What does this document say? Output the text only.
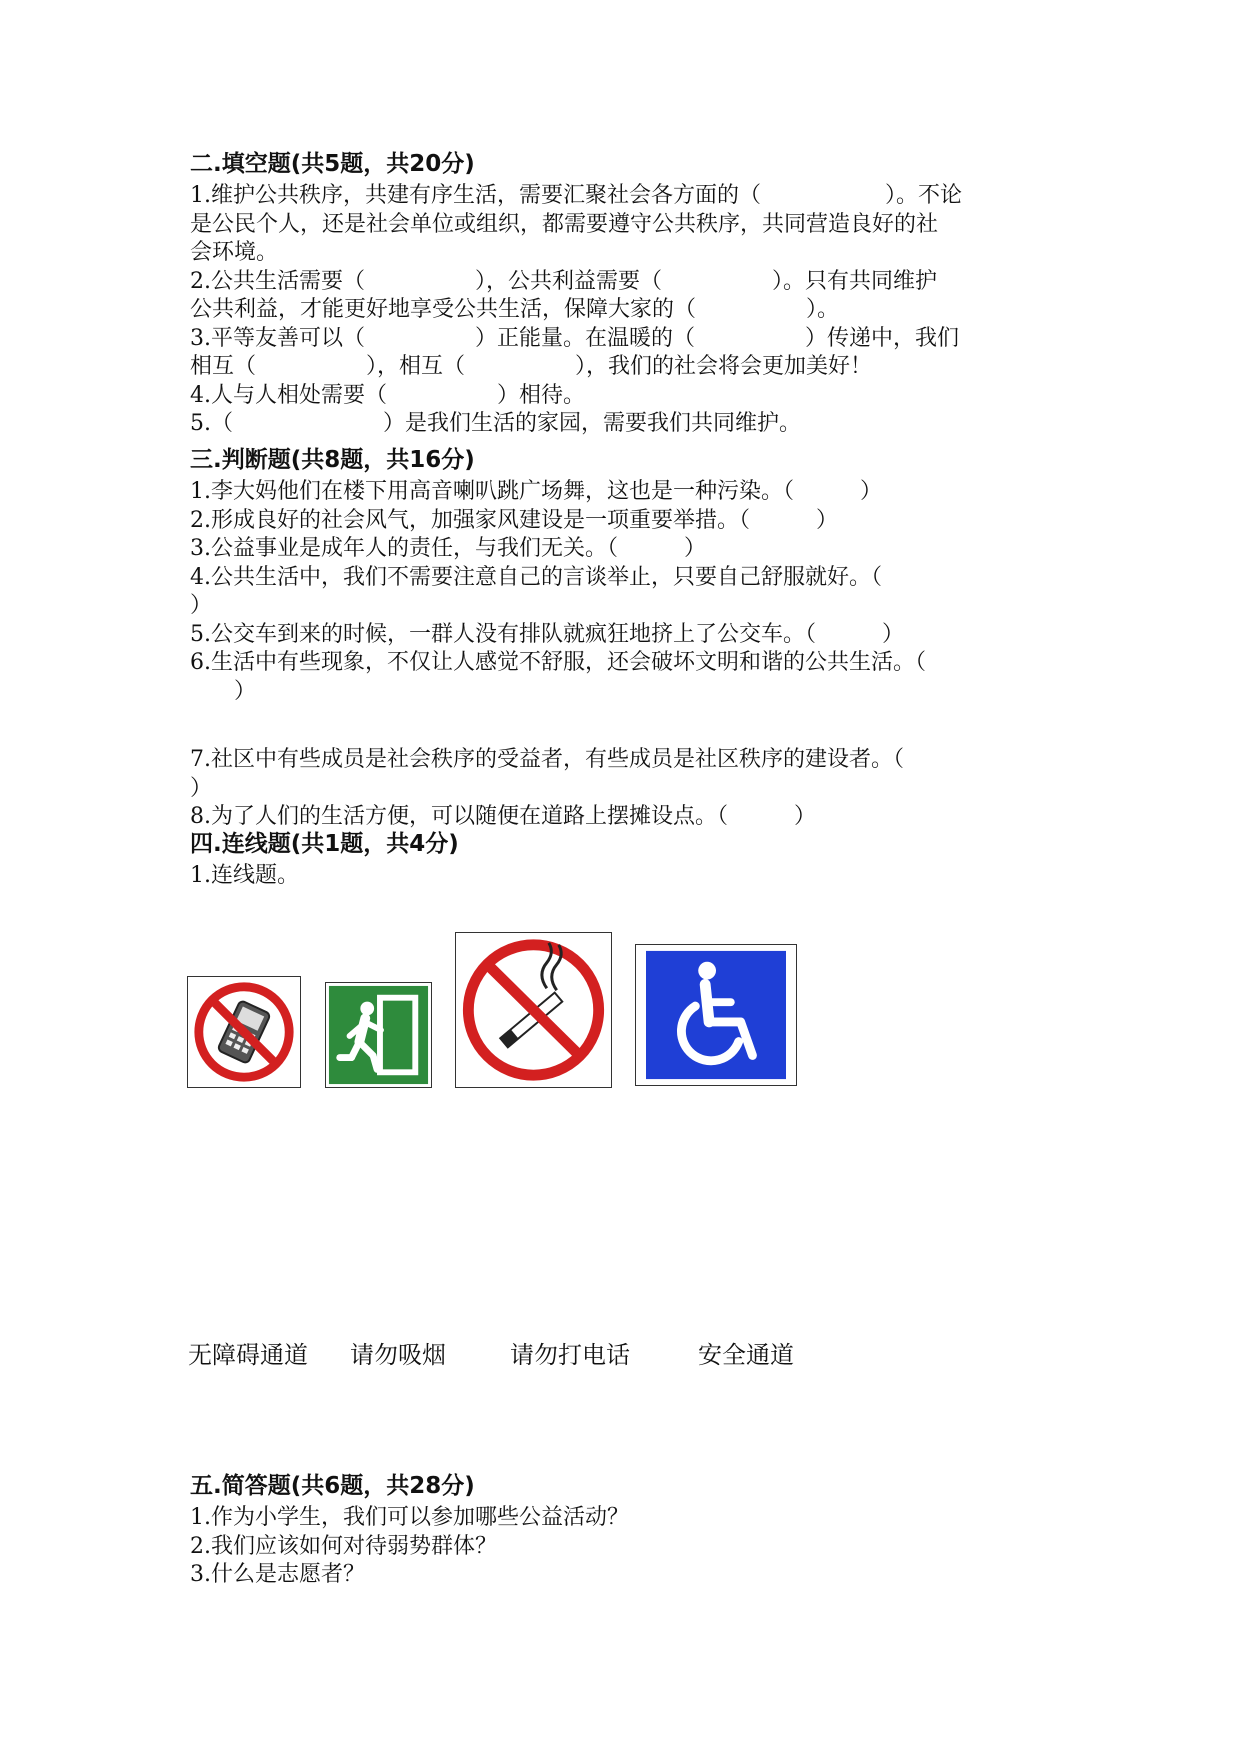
二.填空题(共5题，共20分)

1.维护公共秩序，共建有序生活，需要汇聚社会各方面的（	）。不论
是公民个人，还是社会单位或组织，都需要遵守公共秩序，共同营造良好的社
会环境。

2.公共生活需要（	），公共利益需要（	）。只有共同维护
公共利益，才能更好地享受公共生活，保障大家的（	）。

3.平等友善可以（	）正能量。在温暖的（	）传递中，我们
相互（	），相互（	），我们的社会将会更加美好！

4.人与人相处需要（	）相待。

5.（	）是我们生活的家园，需要我们共同维护。

三.判断题(共8题，共16分)

1.李大妈他们在楼下用高音喇叭跳广场舞，这也是一种污染。（　　　）

2.形成良好的社会风气，加强家风建设是一项重要举措。（　　　）

3.公益事业是成年人的责任，与我们无关。（　　　）

4.公共生活中，我们不需要注意自己的言谈举止，只要自己舒服就好。（
）

5.公交车到来的时候，一群人没有排队就疯狂地挤上了公交车。（　　　）

6.生活中有些现象，不仅让人感觉不舒服，还会破坏文明和谐的公共生活。（
　　）

7.社区中有些成员是社会秩序的受益者，有些成员是社区秩序的建设者。（
）

8.为了人们的生活方便，可以随便在道路上摆摊设点。（　　　）

四.连线题(共1题，共4分)

1.连线题。

无障碍通道 请勿吸烟	请勿打电话	安全通道
五.简答题(共6题，共28分)

1.作为小学生，我们可以参加哪些公益活动？

2.我们应该如何对待弱势群体？

3.什么是志愿者？
